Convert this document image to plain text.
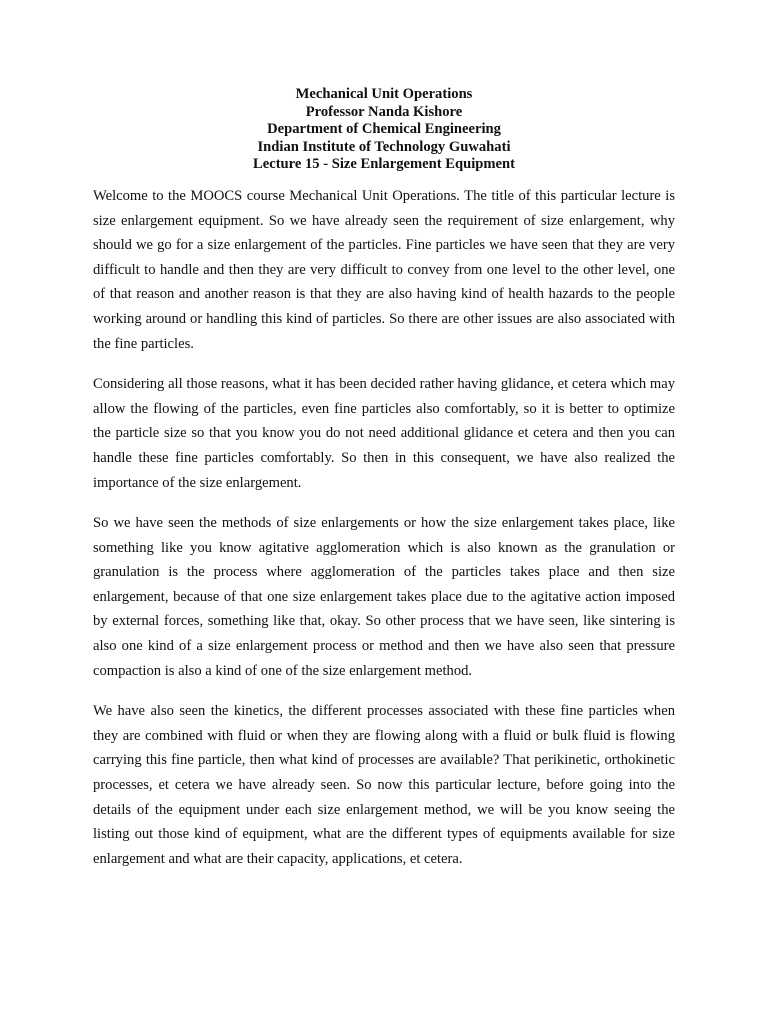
Mechanical Unit Operations
Professor Nanda Kishore
Department of Chemical Engineering
Indian Institute of Technology Guwahati
Lecture 15 - Size Enlargement Equipment

Welcome to the MOOCS course Mechanical Unit Operations. The title of this particular lecture is size enlargement equipment. So we have already seen the requirement of size enlargement, why should we go for a size enlargement of the particles. Fine particles we have seen that they are very difficult to handle and then they are very difficult to convey from one level to the other level, one of that reason and another reason is that they are also having kind of health hazards to the people working around or handling this kind of particles. So there are other issues are also associated with the fine particles.

Considering all those reasons, what it has been decided rather having glidance, et cetera which may allow the flowing of the particles, even fine particles also comfortably, so it is better to optimize the particle size so that you know you do not need additional glidance et cetera and then you can handle these fine particles comfortably. So then in this consequent, we have also realized the importance of the size enlargement.

So we have seen the methods of size enlargements or how the size enlargement takes place, like something like you know agitative agglomeration which is also known as the granulation or granulation is the process where agglomeration of the particles takes place and then size enlargement, because of that one size enlargement takes place due to the agitative action imposed by external forces, something like that, okay. So other process that we have seen, like sintering is also one kind of a size enlargement process or method and then we have also seen that pressure compaction is also a kind of one of the size enlargement method.

We have also seen the kinetics, the different processes associated with these fine particles when they are combined with fluid or when they are flowing along with a fluid or bulk fluid is flowing carrying this fine particle, then what kind of processes are available? That perikinetic, orthokinetic processes, et cetera we have already seen. So now this particular lecture, before going into the details of the equipment under each size enlargement method, we will be you know seeing the listing out those kind of equipment, what are the different types of equipments available for size enlargement and what are their capacity, applications, et cetera.
